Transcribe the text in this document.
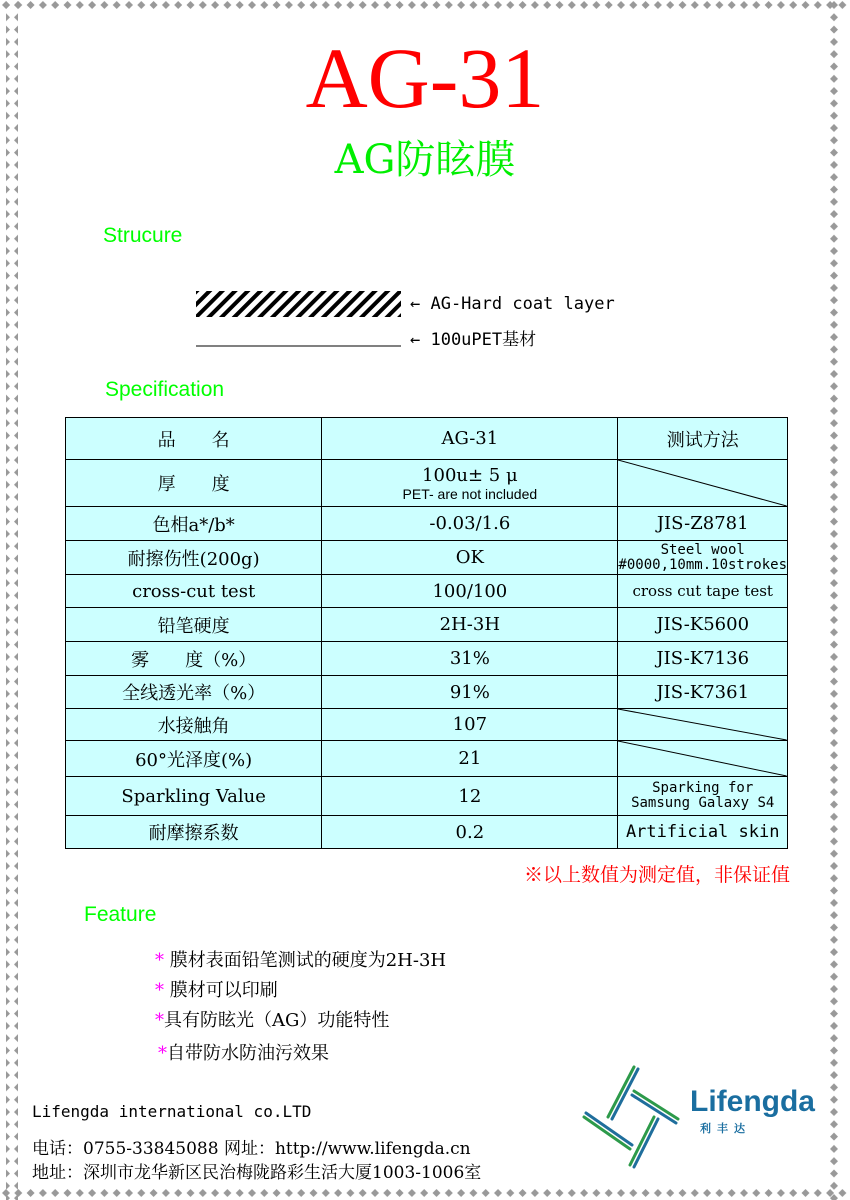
AG-31
AG防眩膜
Strucure
← AG-Hard coat layer
← 100uPET基材
Specification
品　　名	AG-31	测试方法
厚　　度	100u± 5 μ
PET- are not included

色相a*/b*	-0.03/1.6	JIS-Z8781
耐擦伤性(200g)	OK	Steel wool
#0000,10mm.10strokes

cross-cut test	100/100	cross cut tape test
铅笔硬度	2H-3H	JIS-K5600
雾　　度（%）	31%	JIS-K7136
全线透光率（%）	91%	JIS-K7361
水接触角	107	

60°光泽度(%)	21	

Sparkling Value	12	Sparking for
Samsung Galaxy S4

耐摩擦系数	0.2	Artificial skin
※以上数值为测定值，非保证值
Feature
* 膜材表面铅笔测试的硬度为2H-3H
* 膜材可以印刷
*具有防眩光（AG）功能特性
*自带防水防油污效果
Lifengda international co.LTD
电话：0755-33845088 网址：http://www.lifengda.cn
地址：深圳市龙华新区民治梅陇路彩生活大厦1003-1006室
Lifengda
利丰达
